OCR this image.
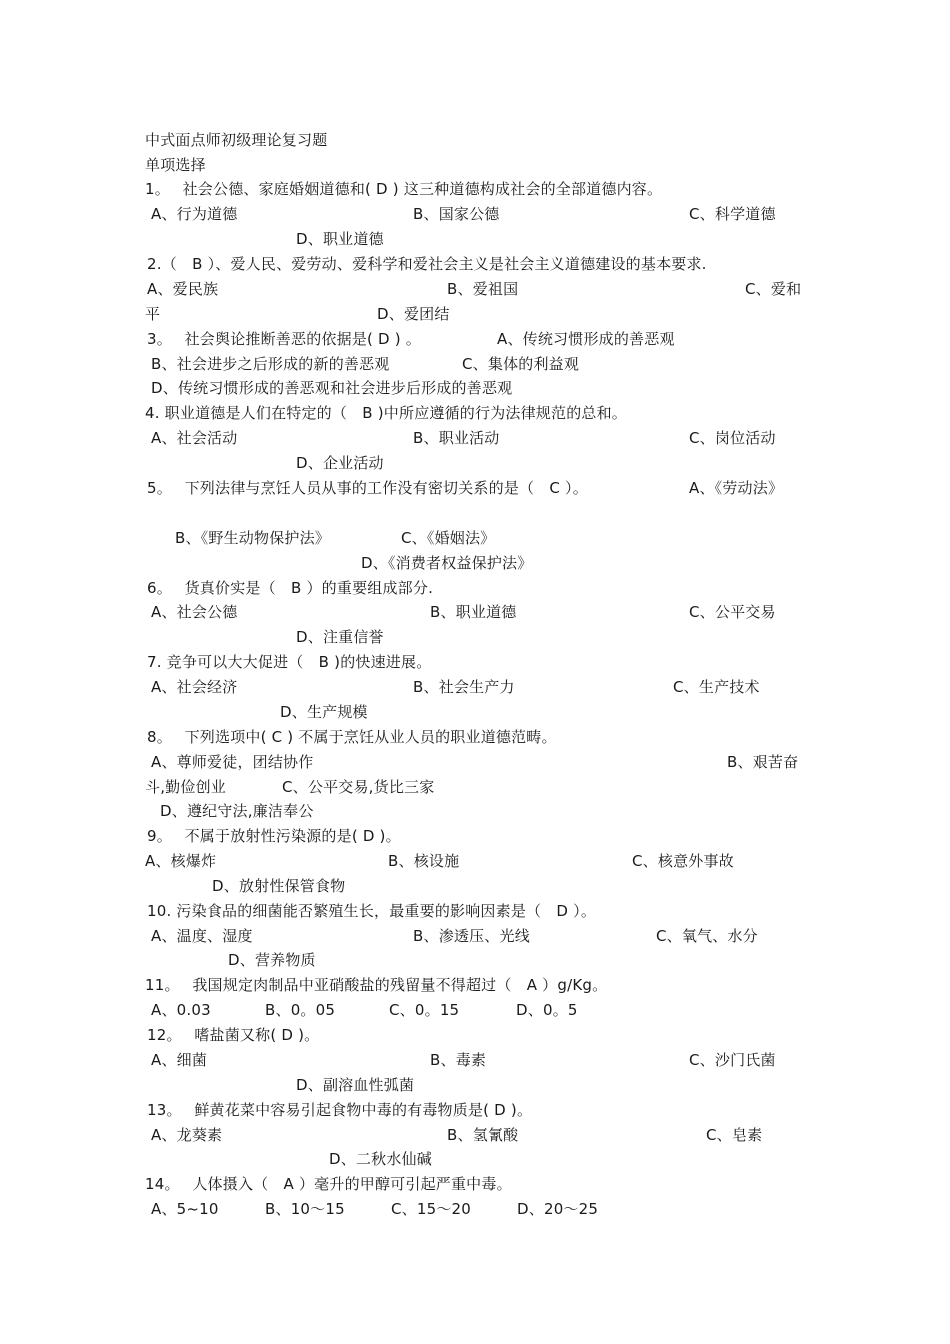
中式面点师初级理论复习题
单项选择
1。　 社会公德、家庭婚姻道德和( D ) 这三种道德构成社会的全部道德内容。
A、行为道德	B、国家公德	C、科学道德
D、职业道德
2.（　B ）、爱人民、爱劳动、爱科学和爱社会主义是社会主义道德建设的基本要求.
A、爱民族	B、爱祖国	C、爱和
平	D、爱团结
3。　 社会舆论推断善恶的依据是( D ) 。	A、传统习惯形成的善恶观
B、社会进步之后形成的新的善恶观	C、集体的利益观
D、传统习惯形成的善恶观和社会进步后形成的善恶观
4. 职业道德是人们在特定的（　B )中所应遵循的行为法律规范的总和。
A、社会活动	B、职业活动	C、岗位活动
D、企业活动
5。　 下列法律与烹饪人员从事的工作没有密切关系的是（　C ）。	A、《劳动法》
B、《野生动物保护法》	C、《婚姻法》
D、《消费者权益保护法》
6。　 货真价实是（　B ）的重要组成部分.
A、社会公德	B、职业道德	C、公平交易
D、注重信誉
7. 竞争可以大大促进（　B )的快速进展。
A、社会经济	B、社会生产力	C、生产技术
D、生产规模
8。　 下列选项中( C ) 不属于烹饪从业人员的职业道德范畴。
A、尊师爱徒，团结协作	B、艰苦奋
斗,勤俭创业	C、公平交易,货比三家
D、遵纪守法,廉洁奉公
9。　 不属于放射性污染源的是( D )。
A、核爆炸	B、核设施	C、核意外事故
D、放射性保管食物
10. 污染食品的细菌能否繁殖生长，最重要的影响因素是（　D ）。
A、温度、湿度	B、渗透压、光线	C、氧气、水分
D、营养物质
11。　 我国规定肉制品中亚硝酸盐的残留量不得超过（　A ）g/Kg。
A、0.03	B、0。05	C、0。15	D、0。5
12。　 嗜盐菌又称( D )。
A、细菌	B、毒素	C、沙门氏菌
D、副溶血性弧菌
13。　 鲜黄花菜中容易引起食物中毒的有毒物质是( D )。
A、龙葵素	B、氢氰酸	C、皂素
D、二秋水仙碱
14。　 人体摄入（　A ）毫升的甲醇可引起严重中毒。
A、5~10	B、10～15	C、15～20	D、20～25
